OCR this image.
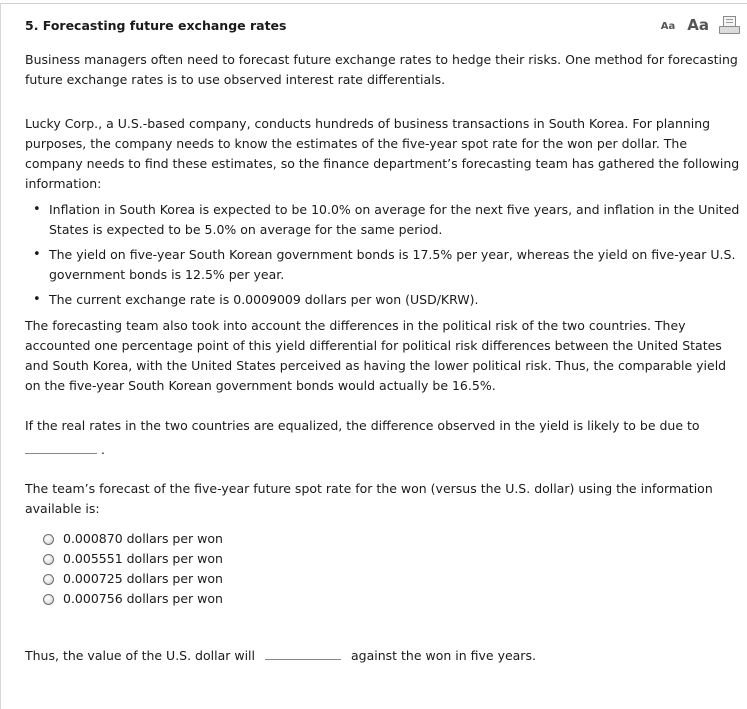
5. Forecasting future exchange rates	Aa Aa

Business managers often need to forecast future exchange rates to hedge their risks. One method for forecasting future exchange rates is to use observed interest rate differentials.

Lucky Corp., a U.S.-based company, conducts hundreds of business transactions in South Korea. For planning purposes, the company needs to know the estimates of the five-year spot rate for the won per dollar. The company needs to find these estimates, so the finance department’s forecasting team has gathered the following information:

• Inflation in South Korea is expected to be 10.0% on average for the next five years, and inflation in the United States is expected to be 5.0% on average for the same period.
• The yield on five-year South Korean government bonds is 17.5% per year, whereas the yield on five-year U.S. government bonds is 12.5% per year.
• The current exchange rate is 0.0009009 dollars per won (USD/KRW).

The forecasting team also took into account the differences in the political risk of the two countries. They accounted one percentage point of this yield differential for political risk differences between the United States and South Korea, with the United States perceived as having the lower political risk. Thus, the comparable yield on the five-year South Korean government bonds would actually be 16.5%.

If the real rates in the two countries are equalized, the difference observed in the yield is likely to be due to

.

The team’s forecast of the five-year future spot rate for the won (versus the U.S. dollar) using the information available is:

0.000870 dollars per won
0.005551 dollars per won
0.000725 dollars per won
0.000756 dollars per won
Thus, the value of the U.S. dollar will	against the won in five years.
